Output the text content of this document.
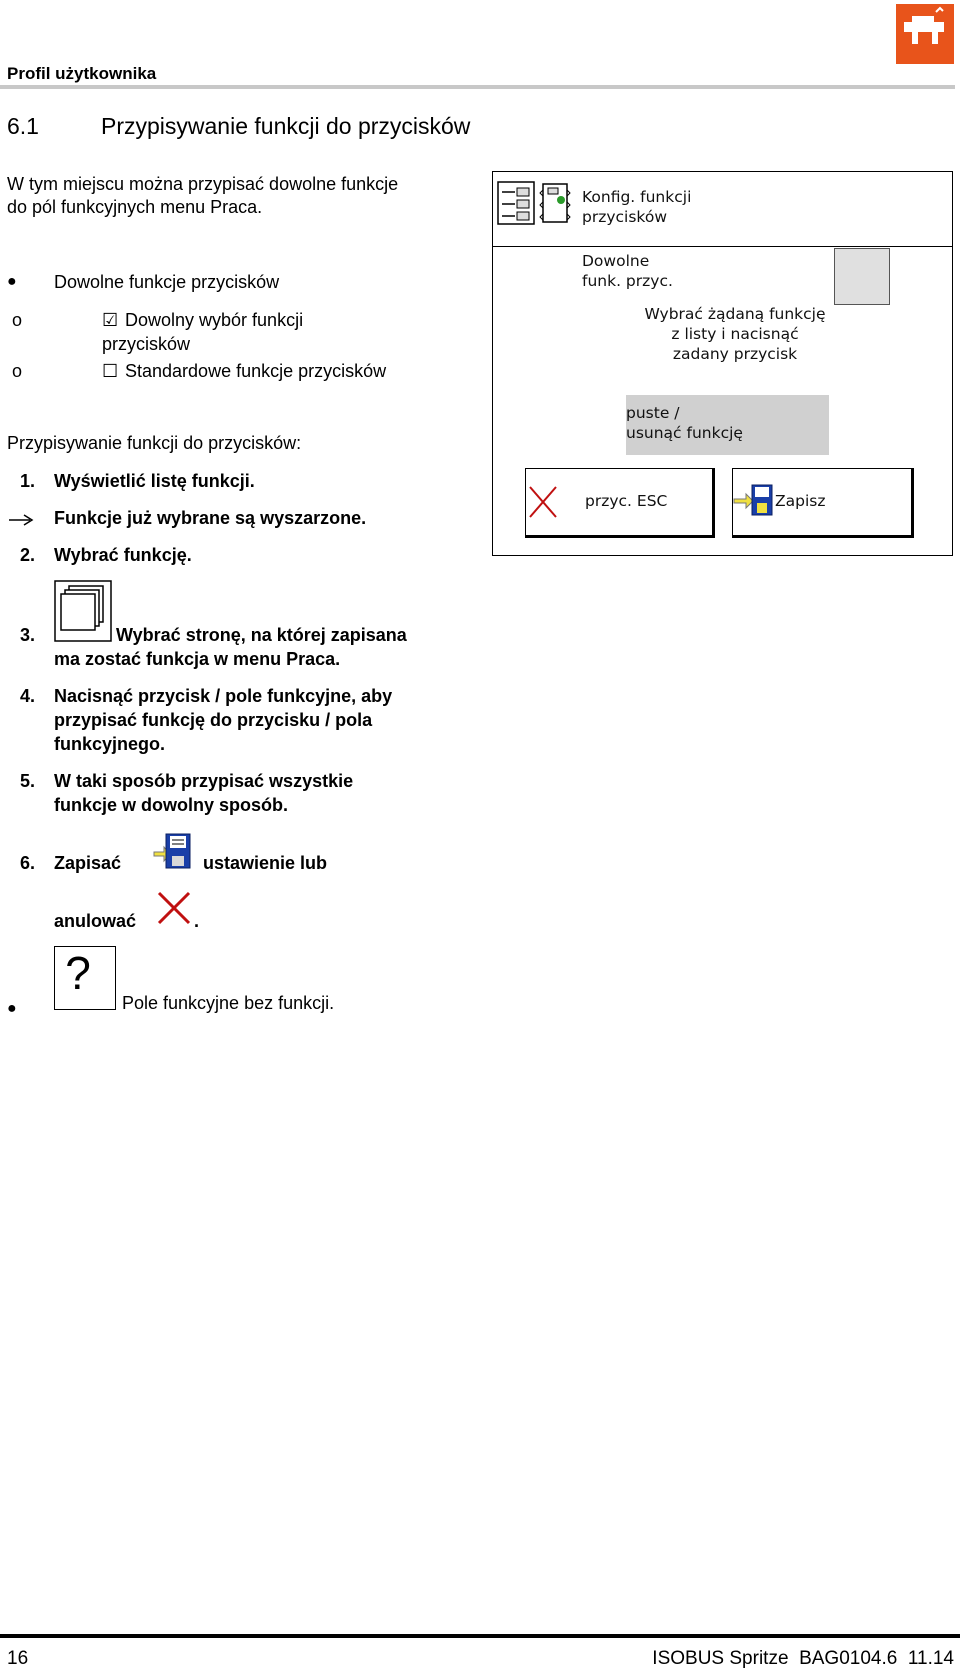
Profil użytkownika
6.1	Przypisywanie funkcji do przycisków
W tym miejscu można przypisać dowolne funkcje
do pól funkcyjnych menu Praca.
● Dowolne funkcje przycisków
o	☑ Dowolny wybór funkcji
przycisków
o	☐ Standardowe funkcje przycisków
Przypisywanie funkcji do przycisków:
1. Wyświetlić listę funkcji.
Funkcje już wybrane są wyszarzone.
2. Wybrać funkcję.
3.	Wybrać stronę, na której zapisana
ma zostać funkcja w menu Praca.
4. Nacisnąć przycisk / pole funkcyjne, aby
przypisać funkcję do przycisku / pola
funkcyjnego.
5. W taki sposób przypisać wszystkie
funkcje w dowolny sposób.
6. Zapisać	ustawienie lub
anulować	.
●
?
Pole funkcyjne bez funkcji.
Konfig. funkcji
przycisków
Dowolne
funk. przyc.
Wybrać żądaną funkcję
z listy i nacisnąć
zadany przycisk
puste /
usunąć funkcję
przyc. ESC	Zapisz
16	ISOBUS Spritze  BAG0104.6  11.14
